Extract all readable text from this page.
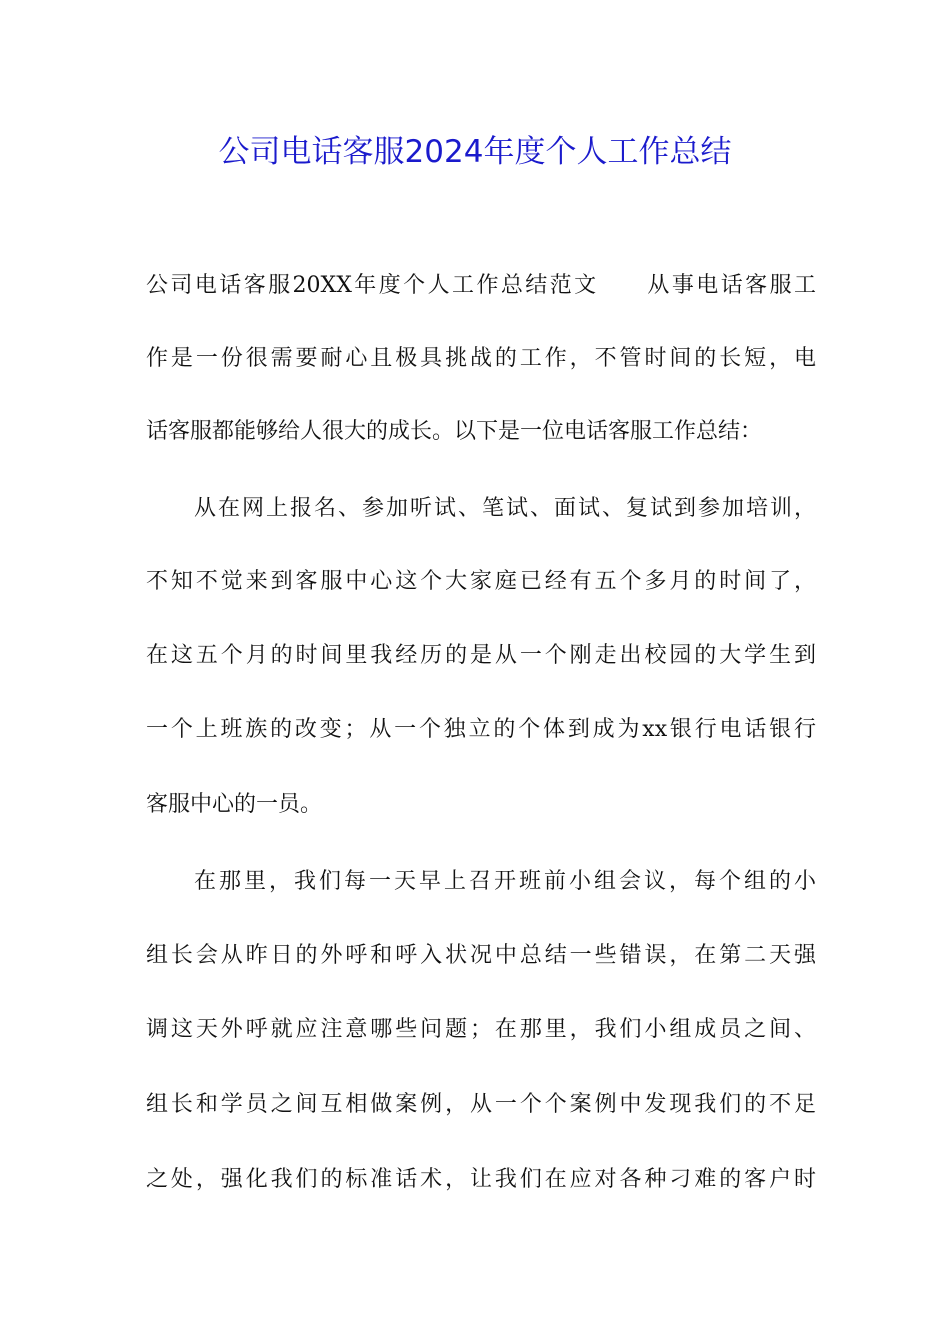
公司电话客服2024年度个人工作总结
公司电话客服20XX年度个人工作总结范文　　从事电话客服工
作是一份很需要耐心且极具挑战的工作，不管时间的长短，电
话客服都能够给人很大的成长。以下是一位电话客服工作总结：
从在网上报名、参加听试、笔试、面试、复试到参加培训，
不知不觉来到客服中心这个大家庭已经有五个多月的时间了，
在这五个月的时间里我经历的是从一个刚走出校园的大学生到
一个上班族的改变；从一个独立的个体到成为xx银行电话银行
客服中心的一员。
在那里，我们每一天早上召开班前小组会议，每个组的小
组长会从昨日的外呼和呼入状况中总结一些错误，在第二天强
调这天外呼就应注意哪些问题；在那里，我们小组成员之间、
组长和学员之间互相做案例，从一个个案例中发现我们的不足
之处，强化我们的标准话术，让我们在应对各种刁难的客户时
